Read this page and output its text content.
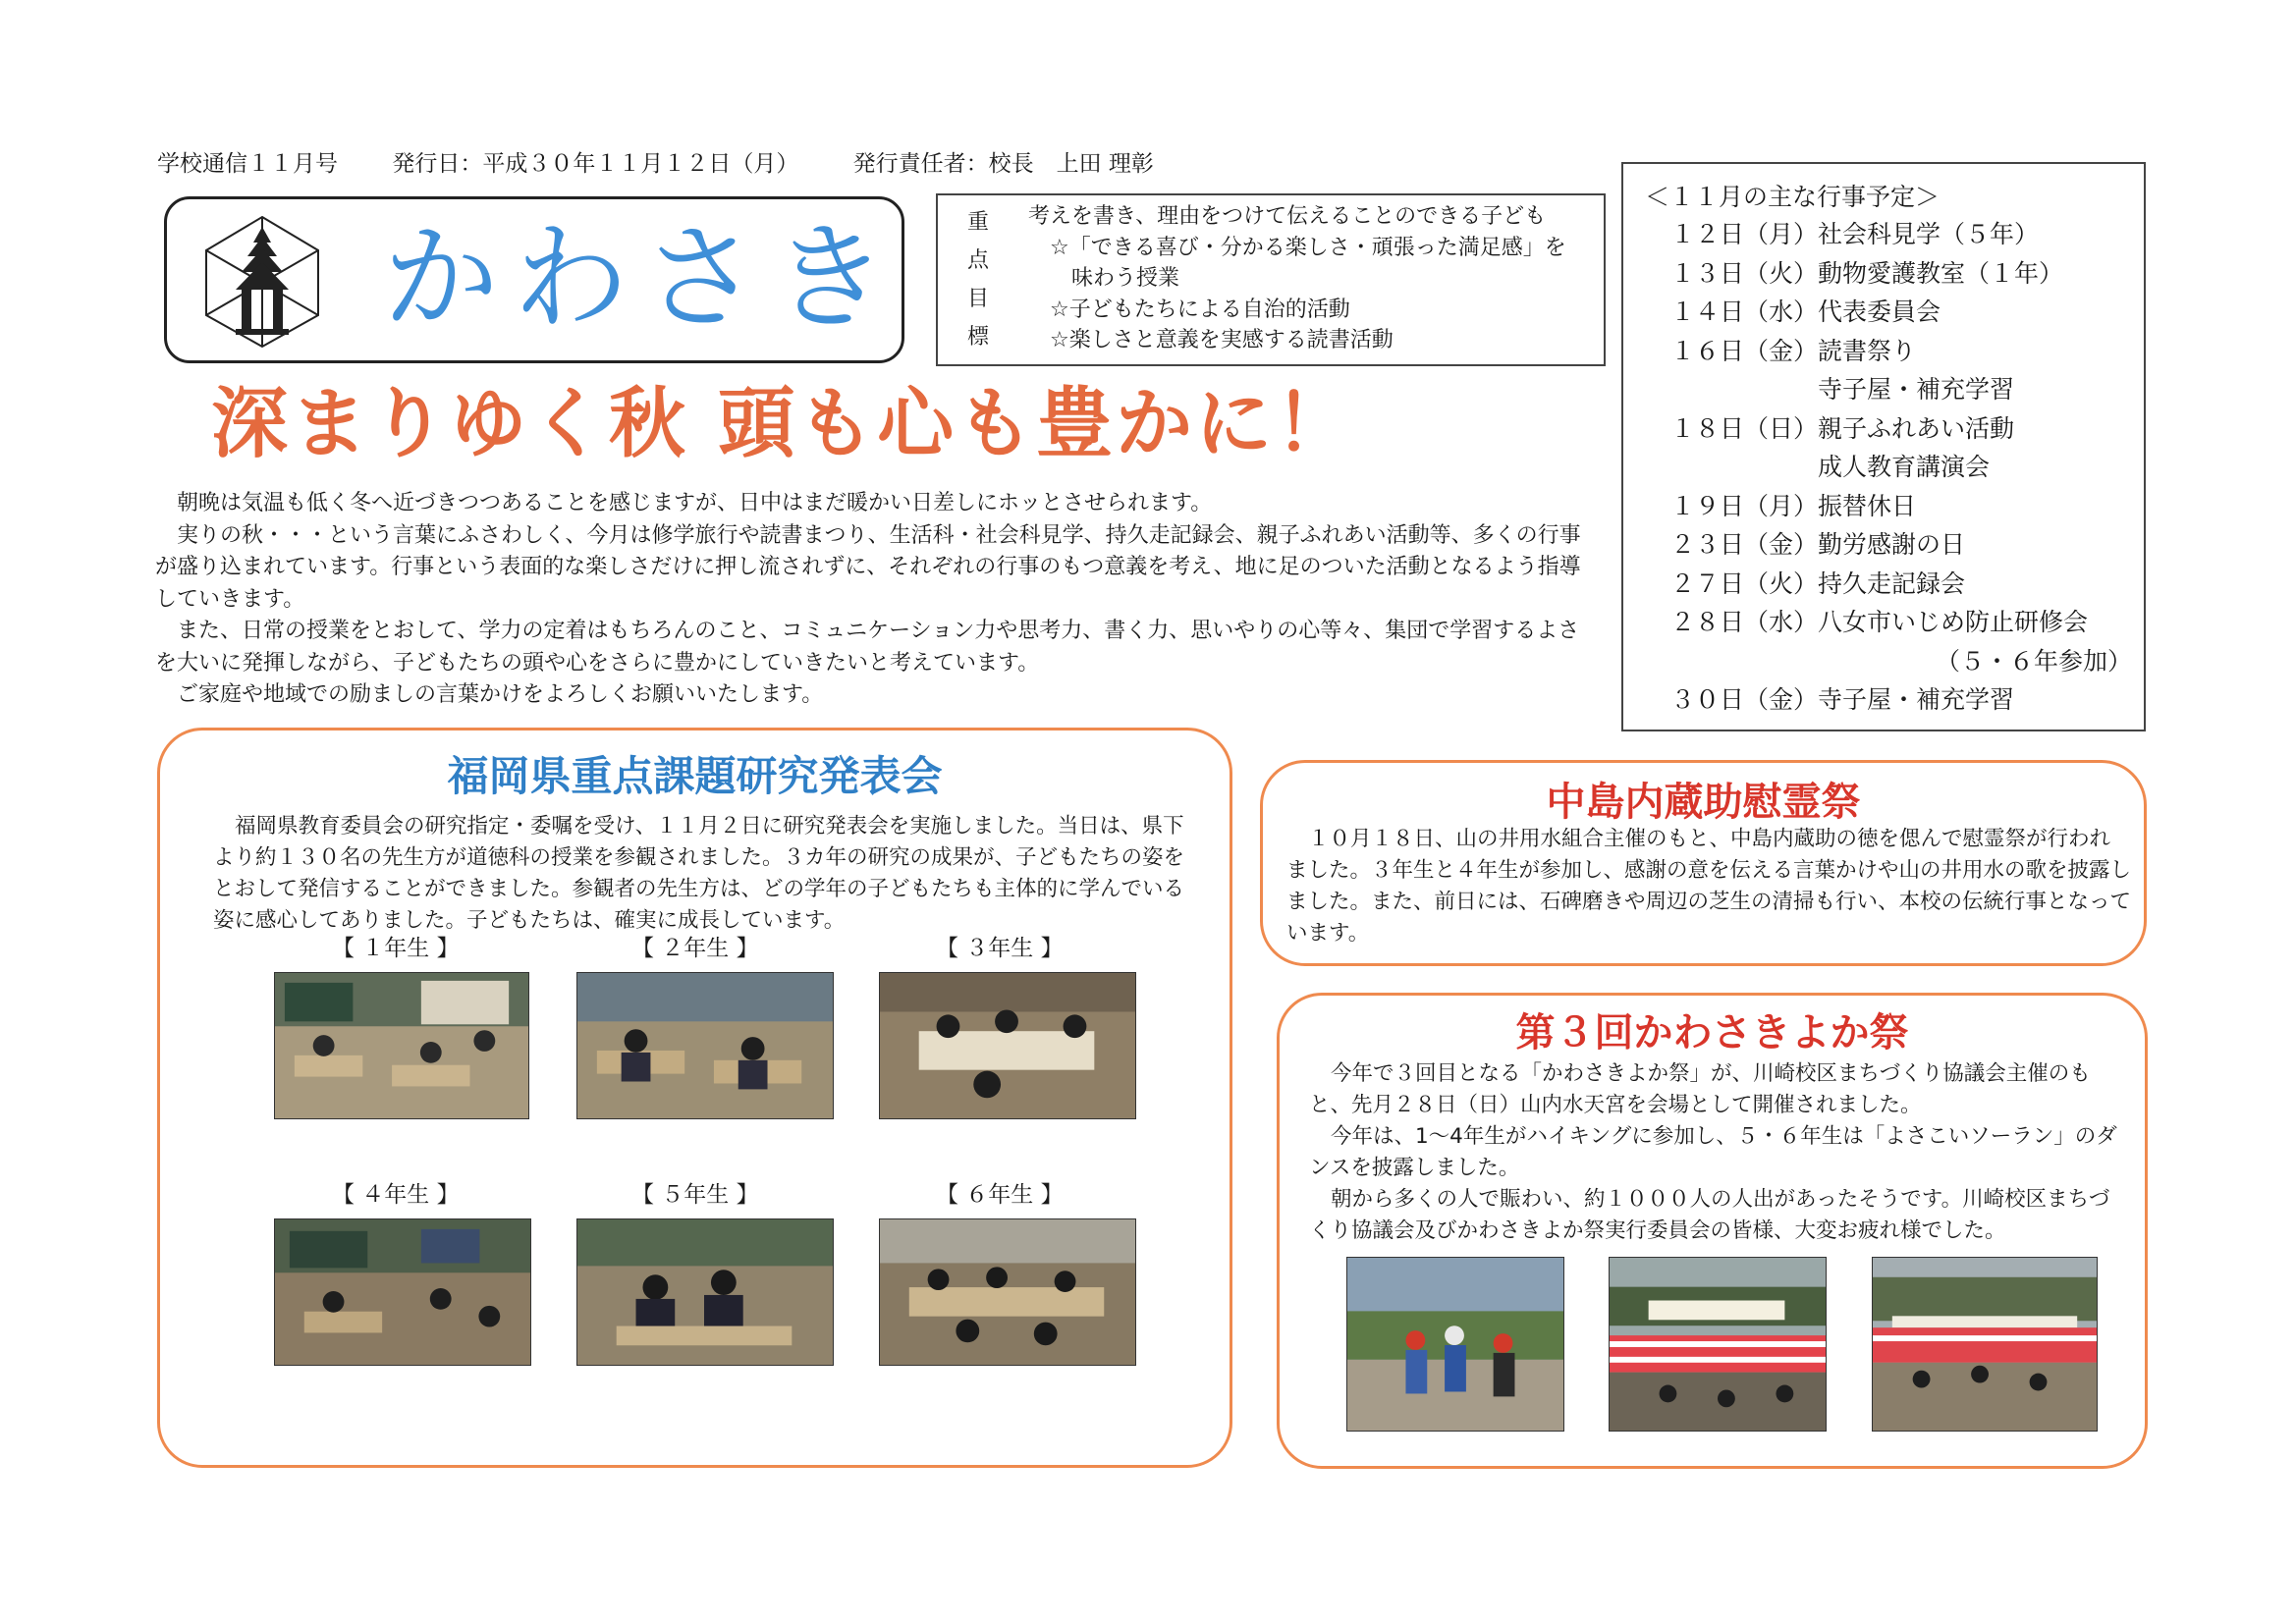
学校通信１１月号 発行日：平成３０年１１月１２日（月） 発行責任者：校長　上田 理彰
かわさき	重
点
目
標
考えを書き、理由をつけて伝えることのできる子ども
　☆「できる喜び・分かる楽しさ・頑張った満足感」を
　　味わう授業
　☆子どもたちによる自治的活動
　☆楽しさと意義を実感する読書活動
＜１１月の主な行事予定＞
１２日（月） 社会科見学（５年）
１３日（火） 動物愛護教室（１年）
１４日（水） 代表委員会
１６日（金） 読書祭り
寺子屋・補充学習
１８日（日） 親子ふれあい活動
成人教育講演会
１９日（月） 振替休日
２３日（金） 勤労感謝の日
２７日（火） 持久走記録会
２８日（水） 八女市いじめ防止研修会
（５・６年参加）
３０日（金） 寺子屋・補充学習
深まりゆく秋 頭も心も豊かに！

朝晩は気温も低く冬へ近づきつつあることを感じますが、日中はまだ暖かい日差しにホッとさせられます。

実りの秋・・・という言葉にふさわしく、今月は修学旅行や読書まつり、生活科・社会科見学、持久走記録会、親子ふれあい活動等、多くの行事が盛り込まれています。行事という表面的な楽しさだけに押し流されずに、それぞれの行事のもつ意義を考え、地に足のついた活動となるよう指導していきます。

また、日常の授業をとおして、学力の定着はもちろんのこと、コミュニケーション力や思考力、書く力、思いやりの心等々、集団で学習するよさを大いに発揮しながら、子どもたちの頭や心をさらに豊かにしていきたいと考えています。

ご家庭や地域での励ましの言葉かけをよろしくお願いいたします。

福岡県重点課題研究発表会

福岡県教育委員会の研究指定・委嘱を受け、１１月２日に研究発表会を実施しました。当日は、県下より約１３０名の先生方が道徳科の授業を参観されました。３カ年の研究の成果が、子どもたちの姿をとおして発信することができました。参観者の先生方は、どの学年の子どもたちも主体的に学んでいる姿に感心してありました。子どもたちは、確実に成長しています。

【 １年生 】	【 ２年生 】	【 ３年生 】
【 ４年生 】	【 ５年生 】	【 ６年生 】
中島内蔵助慰霊祭

１０月１８日、山の井用水組合主催のもと、中島内蔵助の徳を偲んで慰霊祭が行われました。３年生と４年生が参加し、感謝の意を伝える言葉かけや山の井用水の歌を披露しました。また、前日には、石碑磨きや周辺の芝生の清掃も行い、本校の伝統行事となっています。

第３回かわさきよか祭

今年で３回目となる「かわさきよか祭」が、川崎校区まちづくり協議会主催のもと、先月２８日（日）山内水天宮を会場として開催されました。

今年は、1～4年生がハイキングに参加し、５・６年生は「よさこいソーラン」のダンスを披露しました。

朝から多くの人で賑わい、約１０００人の人出があったそうです。川崎校区まちづくり協議会及びかわさきよか祭実行委員会の皆様、大変お疲れ様でした。
